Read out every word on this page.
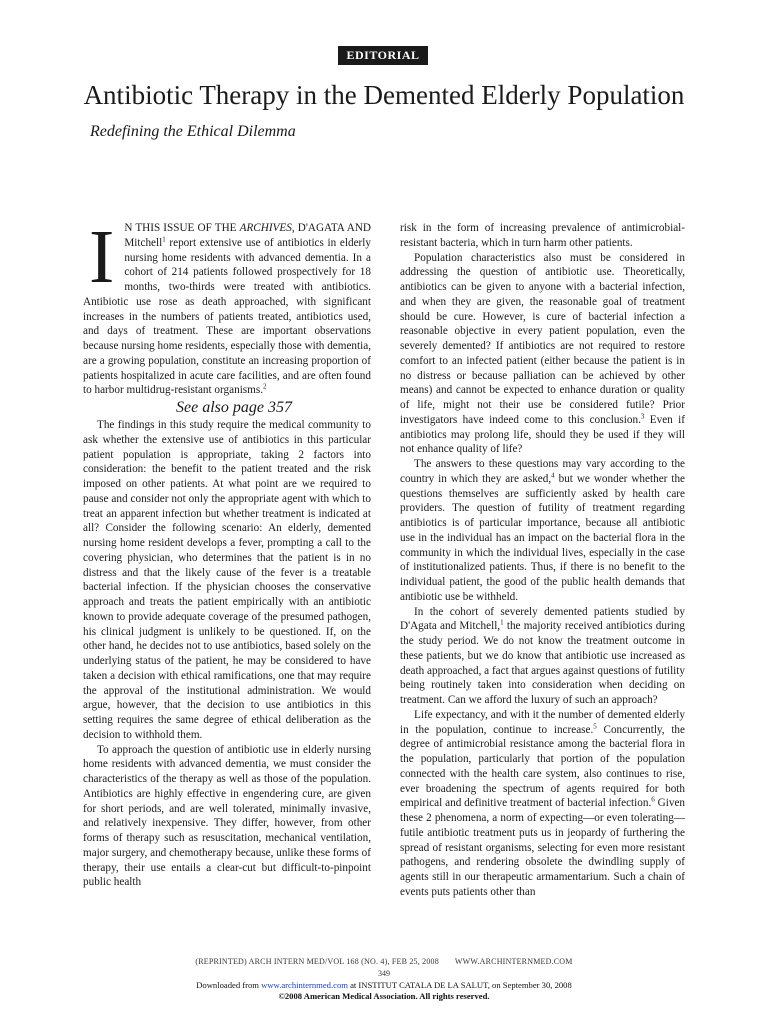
EDITORIAL
Antibiotic Therapy in the Demented Elderly Population
Redefining the Ethical Dilemma

I N THIS ISSUE OF THE ARCHIVES, D'AGATA AND Mitchell$^1$ report extensive use of antibiotics in elderly nursing home residents with advanced dementia. In a cohort of 214 patients followed prospectively for 18 months, two-thirds were treated with antibiotics. Antibiotic use rose as death approached, with significant increases in the numbers of patients treated, antibiotics used, and days of treatment. These are important observations because nursing home residents, especially those with dementia, are a growing population, constitute an increasing proportion of patients hospitalized in acute care facilities, and are often found to harbor multidrug-resistant organisms.$^2$

See also page 357

The findings in this study require the medical community to ask whether the extensive use of antibiotics in this particular patient population is appropriate, taking 2 factors into consideration: the benefit to the patient treated and the risk imposed on other patients. At what point are we required to pause and consider not only the appropriate agent with which to treat an apparent infection but whether treatment is indicated at all? Consider the following scenario: An elderly, demented nursing home resident develops a fever, prompting a call to the covering physician, who determines that the patient is in no distress and that the likely cause of the fever is a treatable bacterial infection. If the physician chooses the conservative approach and treats the patient empirically with an antibiotic known to provide adequate coverage of the presumed pathogen, his clinical judgment is unlikely to be questioned. If, on the other hand, he decides not to use antibiotics, based solely on the underlying status of the patient, he may be considered to have taken a decision with ethical ramifications, one that may require the approval of the institutional administration. We would argue, however, that the decision to use antibiotics in this setting requires the same degree of ethical deliberation as the decision to withhold them.

To approach the question of antibiotic use in elderly nursing home residents with advanced dementia, we must consider the characteristics of the therapy as well as those of the population. Antibiotics are highly effective in engendering cure, are given for short periods, and are well tolerated, minimally invasive, and relatively inexpensive. They differ, however, from other forms of therapy such as resuscitation, mechanical ventilation, major surgery, and chemotherapy because, unlike these forms of therapy, their use entails a clear-cut but difficult-to-pinpoint public health

risk in the form of increasing prevalence of antimicrobial-resistant bacteria, which in turn harm other patients.

Population characteristics also must be considered in addressing the question of antibiotic use. Theoretically, antibiotics can be given to anyone with a bacterial infection, and when they are given, the reasonable goal of treatment should be cure. However, is cure of bacterial infection a reasonable objective in every patient population, even the severely demented? If antibiotics are not required to restore comfort to an infected patient (either because the patient is in no distress or because palliation can be achieved by other means) and cannot be expected to enhance duration or quality of life, might not their use be considered futile? Prior investigators have indeed come to this conclusion.$^3$ Even if antibiotics may prolong life, should they be used if they will not enhance quality of life?

The answers to these questions may vary according to the country in which they are asked,$^4$ but we wonder whether the questions themselves are sufficiently asked by health care providers. The question of futility of treatment regarding antibiotics is of particular importance, because all antibiotic use in the individual has an impact on the bacterial flora in the community in which the individual lives, especially in the case of institutionalized patients. Thus, if there is no benefit to the individual patient, the good of the public health demands that antibiotic use be withheld.

In the cohort of severely demented patients studied by D'Agata and Mitchell,$^1$ the majority received antibiotics during the study period. We do not know the treatment outcome in these patients, but we do know that antibiotic use increased as death approached, a fact that argues against questions of futility being routinely taken into consideration when deciding on treatment. Can we afford the luxury of such an approach?

Life expectancy, and with it the number of demented elderly in the population, continue to increase.$^5$ Concurrently, the degree of antimicrobial resistance among the bacterial flora in the population, particularly that portion of the population connected with the health care system, also continues to rise, ever broadening the spectrum of agents required for both empirical and definitive treatment of bacterial infection.$^6$ Given these 2 phenomena, a norm of expecting—or even tolerating—futile antibiotic treatment puts us in jeopardy of furthering the spread of resistant organisms, selecting for even more resistant pathogens, and rendering obsolete the dwindling supply of agents still in our therapeutic armamentarium. Such a chain of events puts patients other than

(REPRINTED) ARCH INTERN MED/VOL 168 (NO. 4), FEB 25, 2008 WWW.ARCHINTERNMED.COM
349
Downloaded from www.archinternmed.com at INSTITUT CATALA DE LA SALUT, on September 30, 2008
©2008 American Medical Association. All rights reserved.
